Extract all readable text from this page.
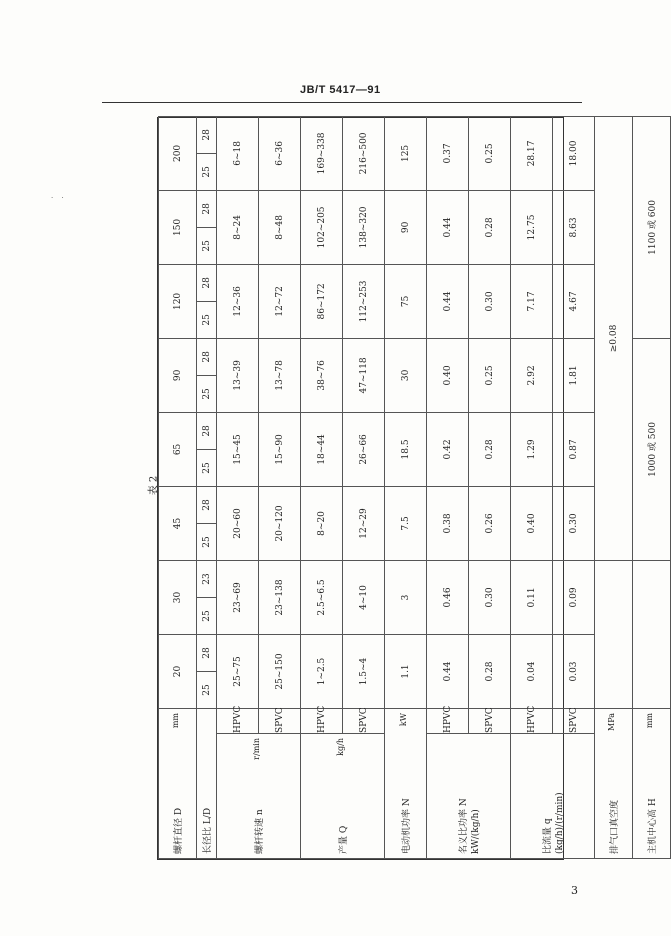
JB/T 5417—91
· ·
表 2
螺杆直径 D
mm		20		30		45		65		90		120		150		200	
长径比 L/D		25	28	25	23	25	28	25	28	25	28	25	28	25	28	25	28
螺杆转速 n
r/min	HPVC	25~75		23~69		20~60		15~45		13~39		12~36		8~24		6~18	
	SPVC	25~150		23~138		20~120		15~90		13~78		12~72		8~48		6~36	
产量 Q
kg/h	HPVC	1~2.5		2.5~6.5		8~20		18~44		38~76		86~172		102~205		169~338	
	SPVC	1.5~4		4~10		12~29		26~66		47~118		112~253		138~320		216~500	
电动机功率 N
kW		1.1		3		7.5		18.5		30		75		90		125	
名义比功率 N kW/(kg/h)	HPVC	0.44		0.46		0.38		0.42		0.40		0.44		0.44		0.37	
	SPVC	0.28		0.30		0.26		0.28		0.25		0.30		0.28		0.25	
比流量 q (kg/h)/(r/min)	HPVC	0.04		0.11		0.40		1.29		2.92		7.17		12.75		28.17	
	SPVC	0.03		0.09		0.30		0.87		1.81		4.67		8.63		18.00	
排气口真空度
MPa						≥0.08											
主机中心高 H
mm						1000 或 500						1100 或 600					
3
